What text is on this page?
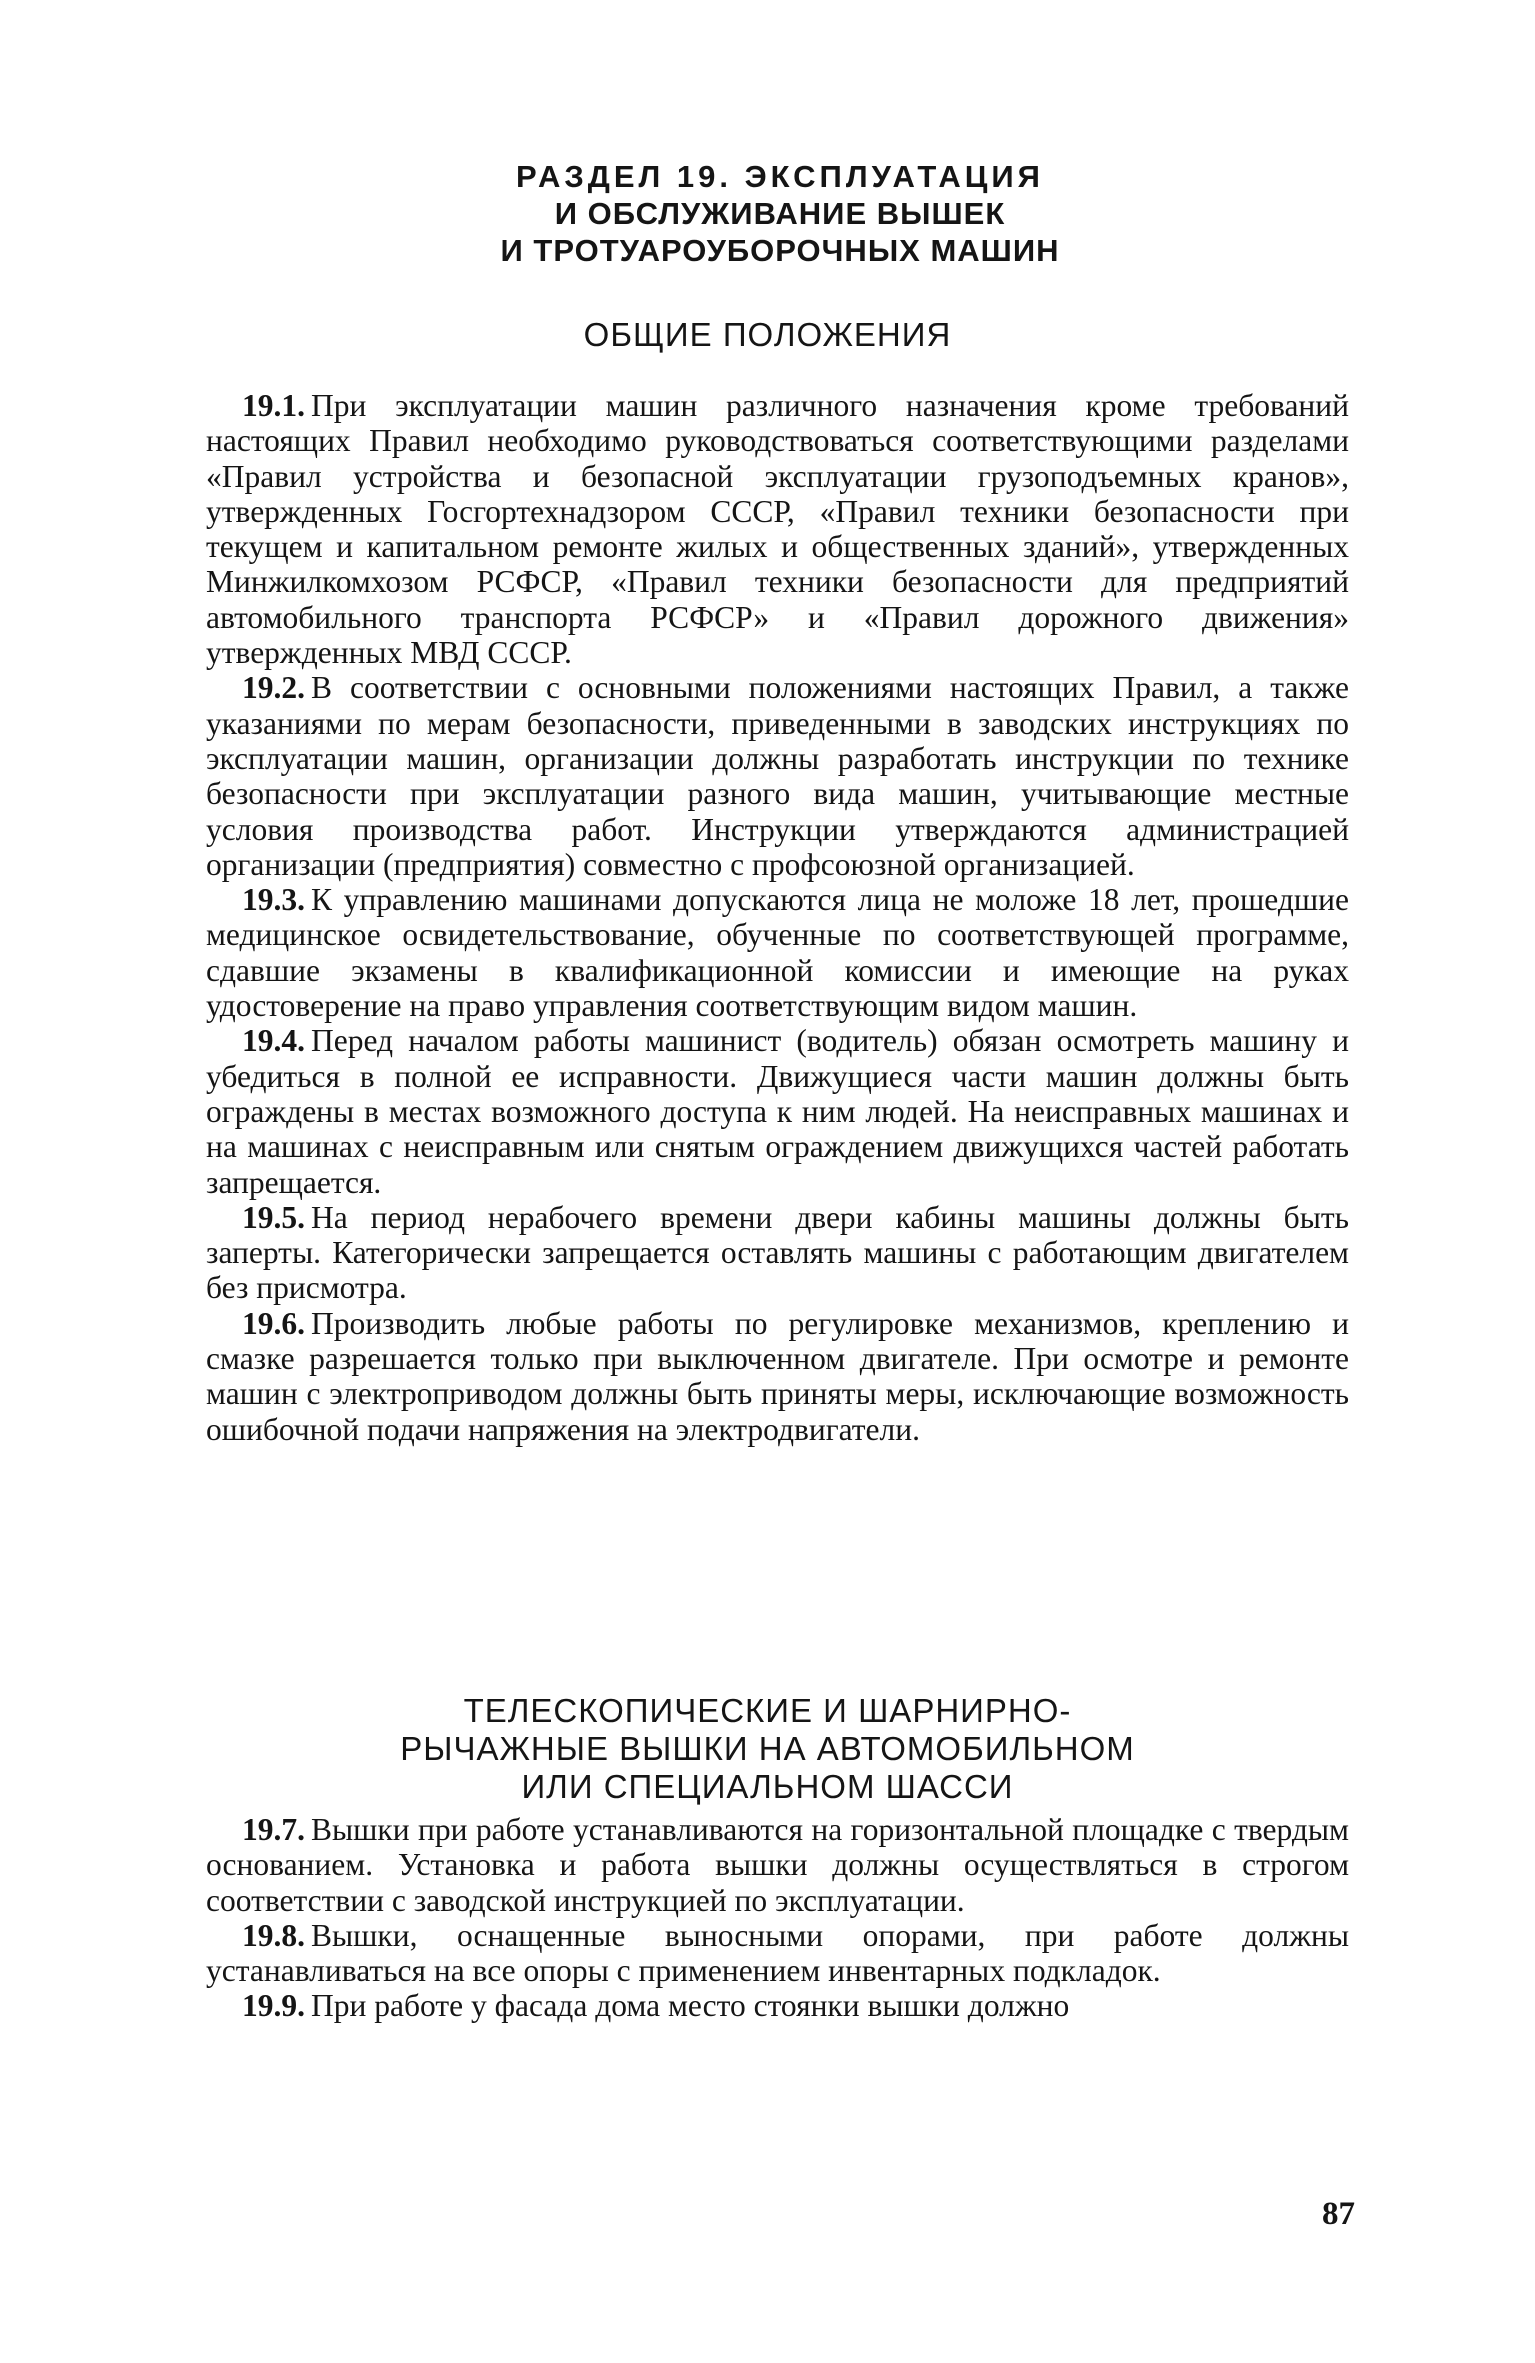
РАЗДЕЛ 19. ЭКСПЛУАТАЦИЯ
И ОБСЛУЖИВАНИЕ ВЫШЕК
И ТРОТУАРОУБОРОЧНЫХ МАШИН
ОБЩИЕ ПОЛОЖЕНИЯ

19.1. При эксплуатации машин различного назначения кроме требований настоящих Правил необходимо руководствоваться соответствующими разделами «Правил устройства и безопасной эксплуатации грузоподъемных кранов», утвержденных Госгортехнадзором СССР, «Правил техники безопасности при текущем и капитальном ремонте жилых и общественных зданий», утвержденных Минжилкомхозом РСФСР, «Правил техники безопасности для предприятий автомобильного транспорта РСФСР» и «Правил дорожного движения» утвержденных МВД СССР.

19.2. В соответствии с основными положениями настоящих Правил, а также указаниями по мерам безопасности, приведенными в заводских инструкциях по эксплуатации машин, организации должны разработать инструкции по технике безопасности при эксплуатации разного вида машин, учитывающие местные условия производства работ. Инструкции утверждаются администрацией организации (предприятия) совместно с профсоюзной организацией.

19.3. К управлению машинами допускаются лица не моложе 18 лет, прошедшие медицинское освидетельствование, обученные по соответствующей программе, сдавшие экзамены в квалификационной комиссии и имеющие на руках удостоверение на право управления соответствующим видом машин.

19.4. Перед началом работы машинист (водитель) обязан осмотреть машину и убедиться в полной ее исправности. Движущиеся части машин должны быть ограждены в местах возможного доступа к ним людей. На неисправных машинах и на машинах с неисправным или снятым ограждением движущихся частей работать запрещается.

19.5. На период нерабочего времени двери кабины машины должны быть заперты. Категорически запрещается оставлять машины с работающим двигателем без присмотра.

19.6. Производить любые работы по регулировке механизмов, креплению и смазке разрешается только при выключенном двигателе. При осмотре и ремонте машин с электроприводом должны быть приняты меры, исключающие возможность ошибочной подачи напряжения на электродвигатели.

ТЕЛЕСКОПИЧЕСКИЕ И ШАРНИРНО-
РЫЧАЖНЫЕ ВЫШКИ НА АВТОМОБИЛЬНОМ
ИЛИ СПЕЦИАЛЬНОМ ШАССИ

19.7. Вышки при работе устанавливаются на горизонтальной площадке с твердым основанием. Установка и работа вышки должны осуществляться в строгом соответствии с заводской инструкцией по эксплуатации.

19.8. Вышки, оснащенные выносными опорами, при работе должны устанавливаться на все опоры с применением инвентарных подкладок.

19.9. При работе у фасада дома место стоянки вышки должно

87
